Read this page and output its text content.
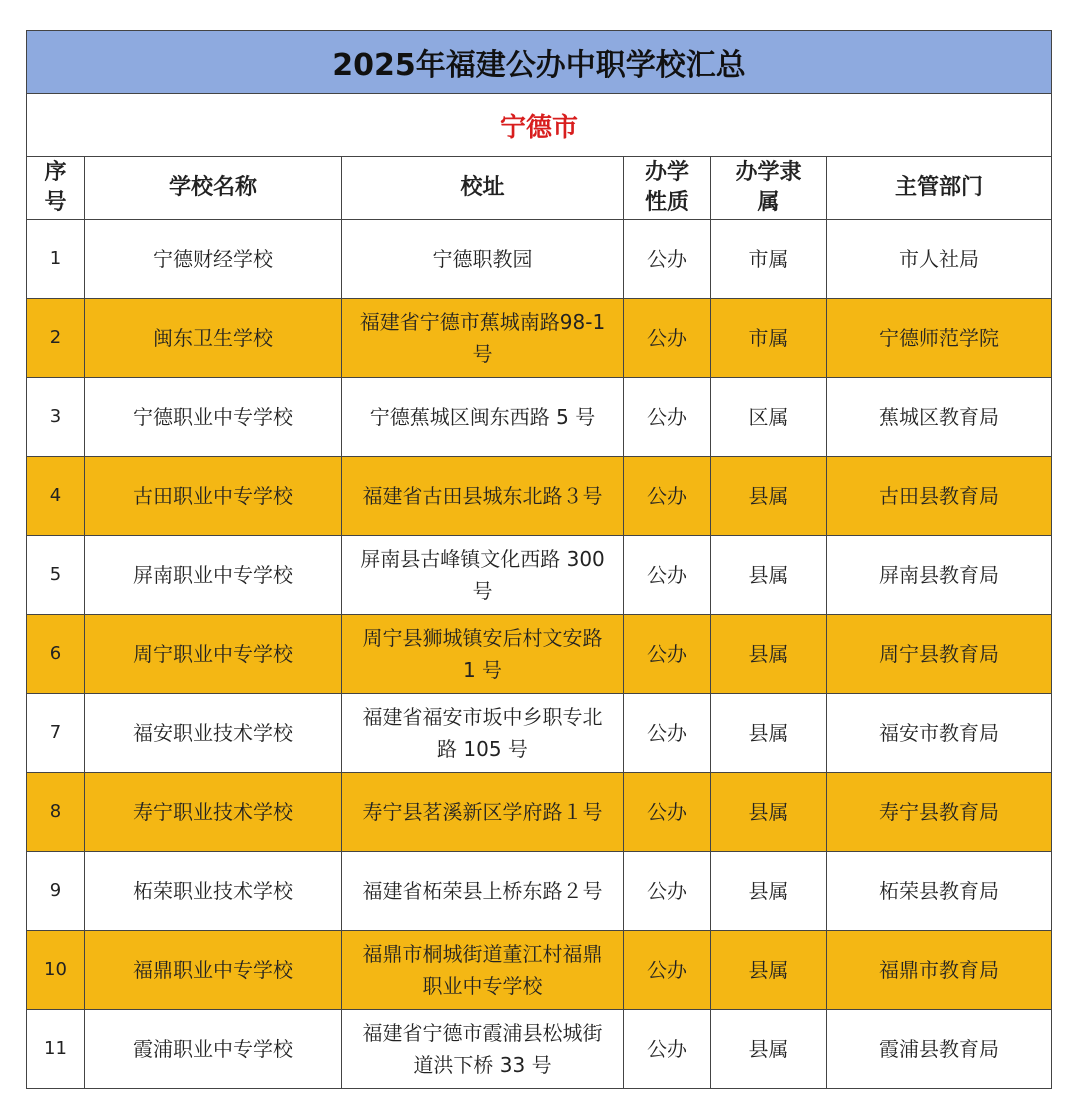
2025年福建公办中职学校汇总					
宁德市					
序号	学校名称	校址	办学性质	办学隶属	主管部门
1	宁德财经学校	宁德职教园	公办	市属	市人社局
2	闽东卫生学校	福建省宁德市蕉城南路98-1 号	公办	市属	宁德师范学院
3	宁德职业中专学校	宁德蕉城区闽东西路 5 号	公办	区属	蕉城区教育局
4	古田职业中专学校	福建省古田县城东北路３号	公办	县属	古田县教育局
5	屏南职业中专学校	屏南县古峰镇文化西路 300 号	公办	县属	屏南县教育局
6	周宁职业中专学校	周宁县狮城镇安后村文安路 1 号	公办	县属	周宁县教育局
7	福安职业技术学校	福建省福安市坂中乡职专北路 105 号	公办	县属	福安市教育局
8	寿宁职业技术学校	寿宁县茗溪新区学府路１号	公办	县属	寿宁县教育局
9	柘荣职业技术学校	福建省柘荣县上桥东路２号	公办	县属	柘荣县教育局
10	福鼎职业中专学校	福鼎市桐城街道董江村福鼎职业中专学校	公办	县属	福鼎市教育局
11	霞浦职业中专学校	福建省宁德市霞浦县松城街道洪下桥 33 号	公办	县属	霞浦县教育局
